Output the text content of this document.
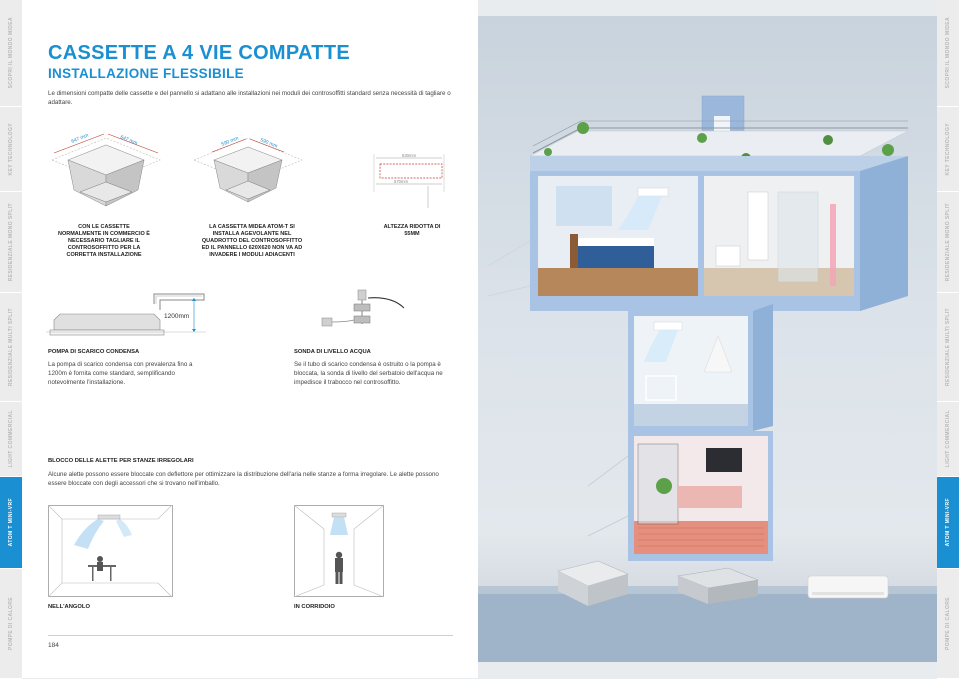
SCOPRI IL MONDO MIDEA
KEY TECHNOLOGY
RESIDENZIALE MONO SPLIT
RESIDENZIALE MULTI SPLIT
LIGHT COMMERCIAL
ATOM T MINI-VRF
POMPE DI CALORE
CASSETTE A 4 VIE COMPATTE
INSTALLAZIONE FLESSIBILE

Le dimensioni compatte delle cassette e del pannello si adattano alle installazioni nei moduli dei controsoffitti standard senza necessità di tagliare o adattare.

647 mm	647 mm
CON LE CASSETTE NORMALMENTE IN COMMERCIO È NECESSARIO TAGLIARE IL CONTROSOFFITTO PER LA CORRETTA INSTALLAZIONE
590 mm	590 mm
LA CASSETTA MIDEA ATOM-T SI INSTALLA AGEVOLANTE NEL QUADROTTO DEL CONTROSOFFITTO ED IL PANNELLO 620X620 NON VA AD INVADERE I MODULI ADIACENTI
630mm
570mm
ALTEZZA RIDOTTA DI 55MM
1200mm
POMPA DI SCARICO CONDENSA

La pompa di scarico condensa con prevalenza fino a 1200m è fornita come standard, semplificando notevolmente l'installazione.

SONDA DI LIVELLO ACQUA

Se il tubo di scarico condensa è ostruito o la pompa è bloccata, la sonda di livello del serbatoio dell'acqua ne impedisce il trabocco nel controsoffitto.

BLOCCO DELLE ALETTE PER STANZE IRREGOLARI

Alcune alette possono essere bloccate con deflettore per ottimizzare la distribuzione dell'aria nelle stanze a forma irregolare. Le alette possono essere bloccate con degli accessori che si trovano nell'imballo.

NELL'ANGOLO	IN CORRIDOIO
184
SCOPRI IL MONDO MIDEA
KEY TECHNOLOGY
RESIDENZIALE MONO SPLIT
RESIDENZIALE MULTI SPLIT
LIGHT COMMERCIAL
ATOM T MINI-VRF
POMPE DI CALORE
